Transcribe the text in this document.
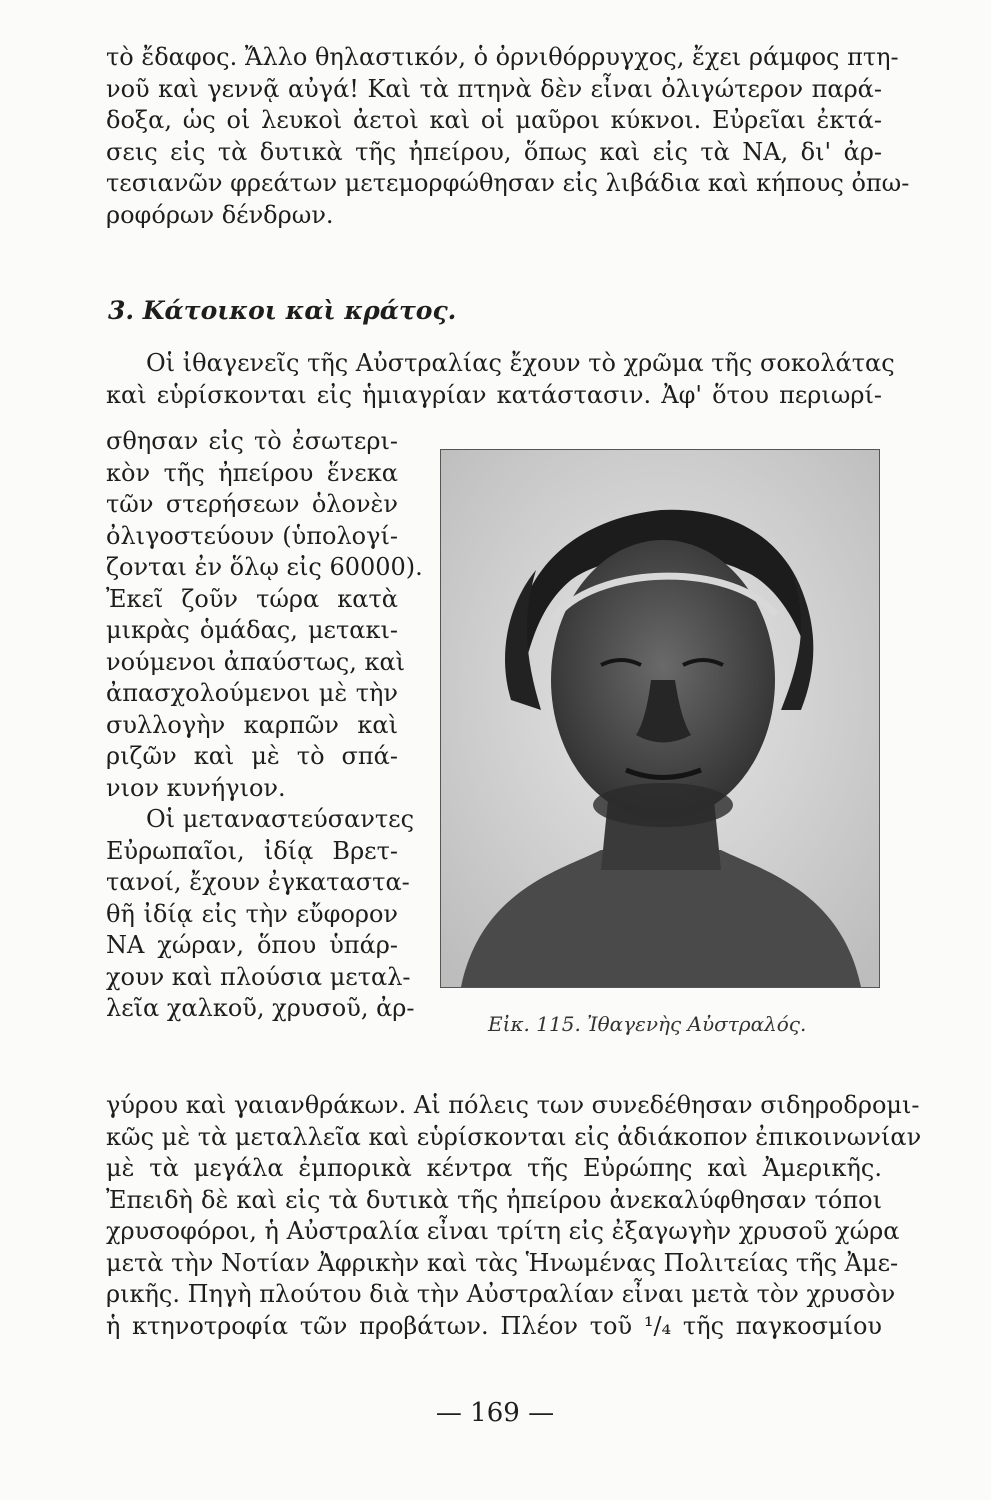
τὸ ἔδαφος. Ἄλλο θηλαστικόν, ὁ ὀρνιθόρρυγχος, ἔχει ράμφος πτη-
νοῦ καὶ γεννᾷ αὐγά! Καὶ τὰ πτηνὰ δὲν εἶναι ὀλιγώτερον παρά-
δοξα, ὡς οἱ λευκοὶ ἀετοὶ καὶ οἱ μαῦροι κύκνοι. Εὐρεῖαι ἐκτά-
σεις εἰς τὰ δυτικὰ τῆς ἠπείρου, ὅπως καὶ εἰς τὰ ΝΑ, δι' ἀρ-
τεσιανῶν φρεάτων μετεμορφώθησαν εἰς λιβάδια καὶ κήπους ὀπω-
ροφόρων δένδρων.
3. Κάτοικοι καὶ κράτος.
Οἱ ἰθαγενεῖς τῆς Αὐστραλίας ἔχουν τὸ χρῶμα τῆς σοκολάτας
καὶ εὑρίσκονται εἰς ἡμιαγρίαν κατάστασιν. Ἀφ' ὅτου περιωρί-
σθησαν εἰς τὸ ἐσωτερι-
κὸν τῆς ἠπείρου ἕνεκα
τῶν στερήσεων ὁλονὲν
ὀλιγοστεύουν (ὑπολογί-
ζονται ἐν ὅλῳ εἰς 60000).
Ἐκεῖ ζοῦν τώρα κατὰ
μικρὰς ὁμάδας, μετακι-
νούμενοι ἀπαύστως, καὶ
ἀπασχολούμενοι μὲ τὴν
συλλογὴν καρπῶν καὶ
ριζῶν καὶ μὲ τὸ σπά-
νιον κυνήγιον.
Οἱ μεταναστεύσαντες
Εὐρωπαῖοι, ἰδίᾳ Βρετ-
τανοί, ἔχουν ἐγκαταστα-
θῆ ἰδίᾳ εἰς τὴν εὔφορον
ΝΑ χώραν, ὅπου ὑπάρ-
χουν καὶ πλούσια μεταλ-
λεῖα χαλκοῦ, χρυσοῦ, ἀρ-
Εἰκ. 115. Ἰθαγενὴς Αὐστραλός.
γύρου καὶ γαιανθράκων. Αἱ πόλεις των συνεδέθησαν σιδηροδρομι-
κῶς μὲ τὰ μεταλλεῖα καὶ εὑρίσκονται εἰς ἀδιάκοπον ἐπικοινωνίαν
μὲ τὰ μεγάλα ἐμπορικὰ κέντρα τῆς Εὐρώπης καὶ Ἀμερικῆς.
Ἐπειδὴ δὲ καὶ εἰς τὰ δυτικὰ τῆς ἠπείρου ἀνεκαλύφθησαν τόποι
χρυσοφόροι, ἡ Αὐστραλία εἶναι τρίτη εἰς ἐξαγωγὴν χρυσοῦ χώρα
μετὰ τὴν Νοτίαν Ἀφρικὴν καὶ τὰς Ἡνωμένας Πολιτείας τῆς Ἀμε-
ρικῆς. Πηγὴ πλούτου διὰ τὴν Αὐστραλίαν εἶναι μετὰ τὸν χρυσὸν
ἡ κτηνοτροφία τῶν προβάτων. Πλέον τοῦ ¹/₄ τῆς παγκοσμίου
— 169 —
